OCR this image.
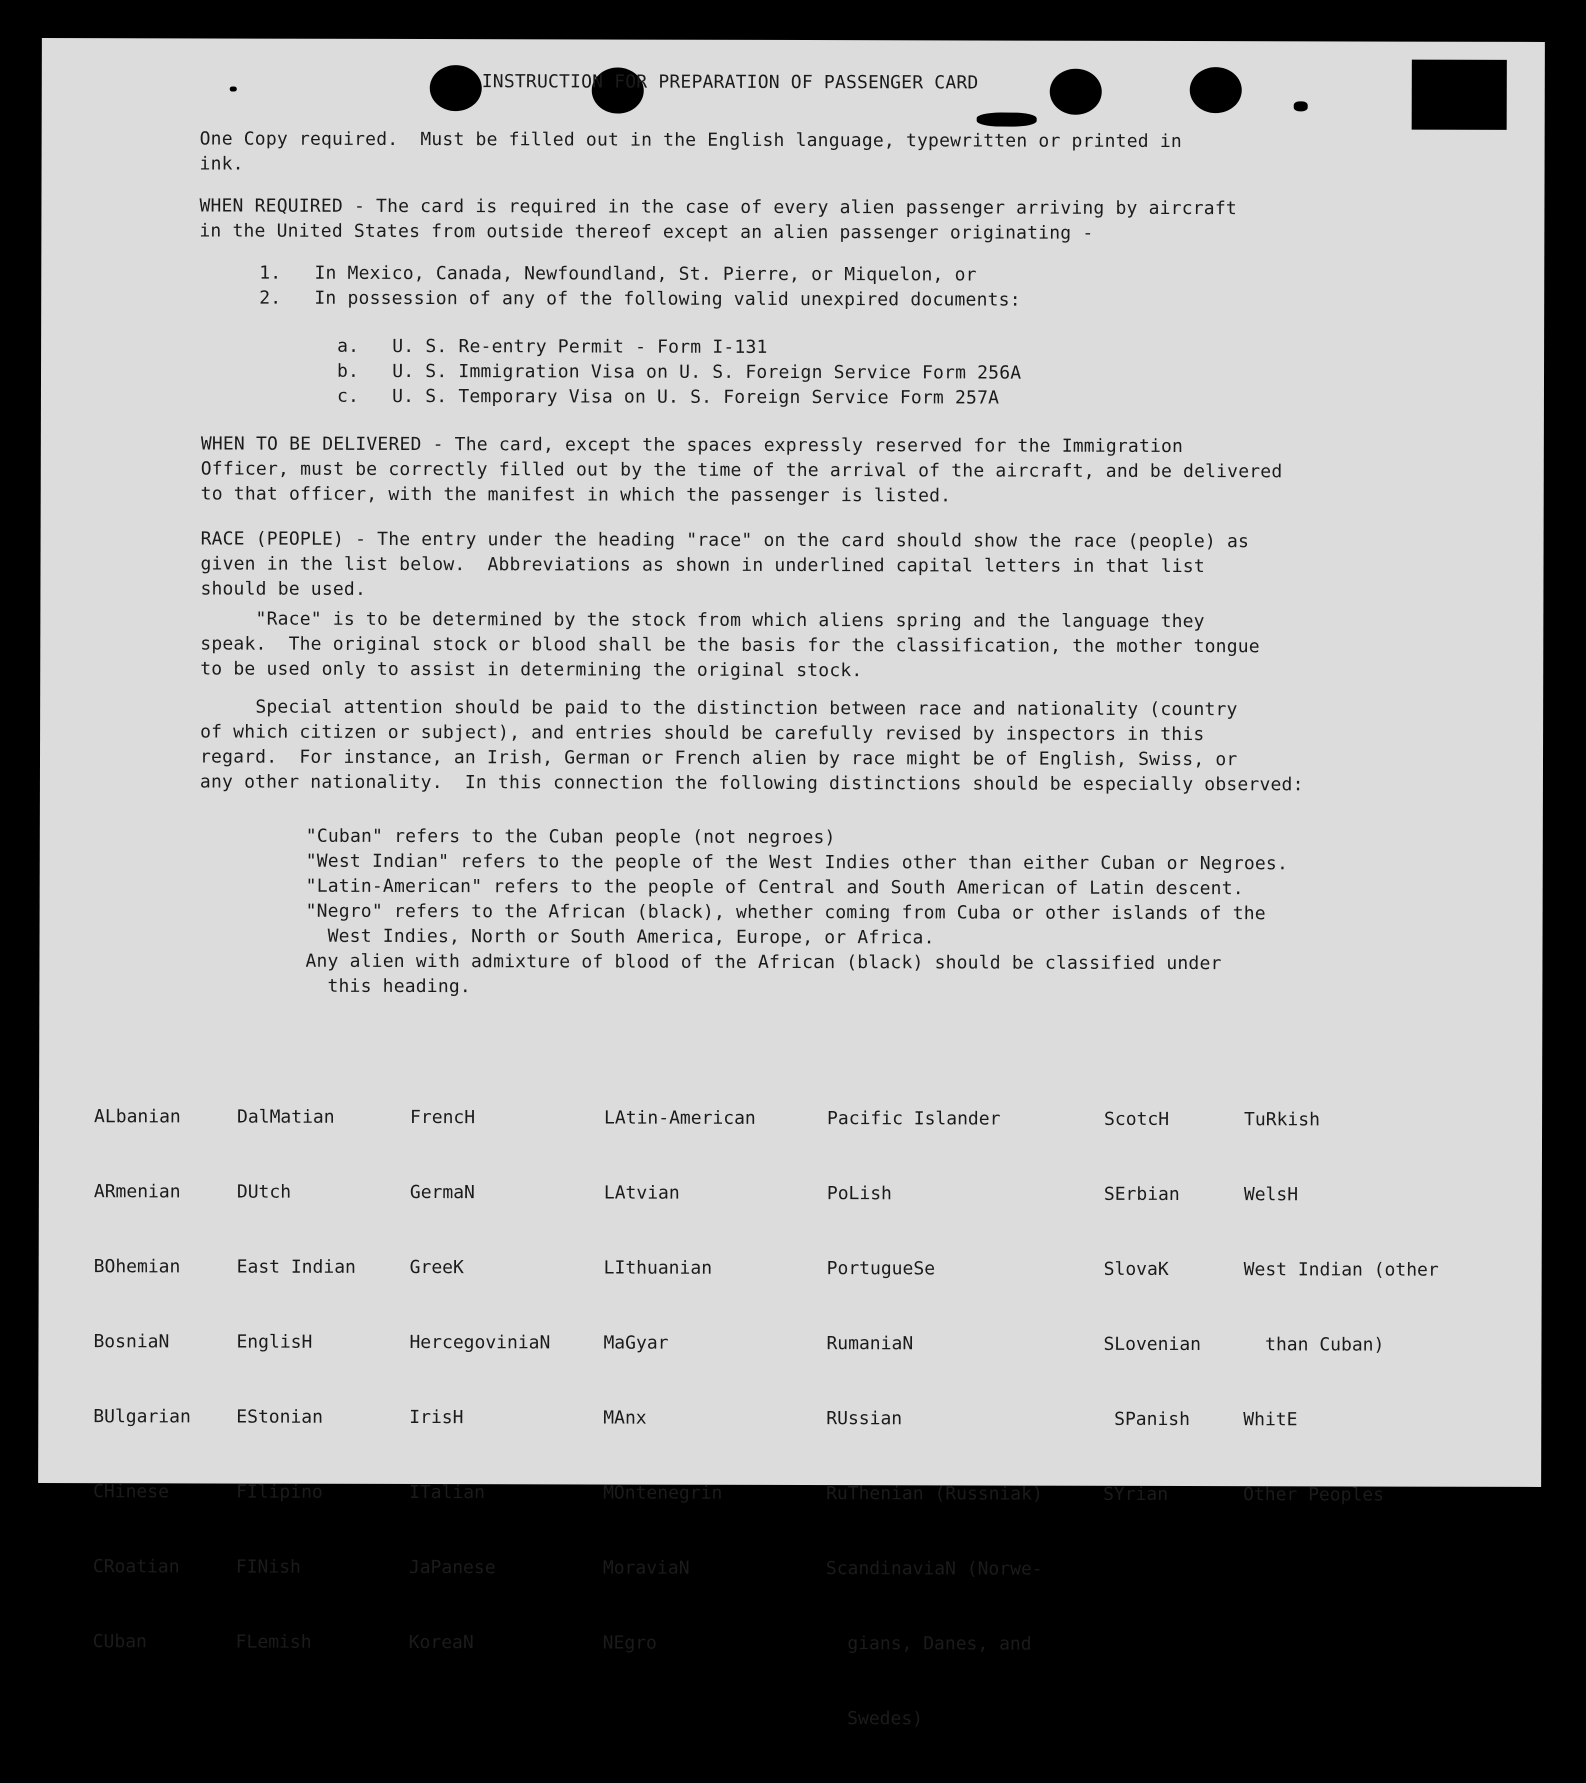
INSTRUCTION FOR PREPARATION OF PASSENGER CARD

One Copy required.  Must be filled out in the English language, typewritten or printed in
ink.

WHEN REQUIRED - The card is required in the case of every alien passenger arriving by aircraft
in the United States from outside thereof except an alien passenger originating -

1.   In Mexico, Canada, Newfoundland, St. Pierre, or Miquelon, or
2.   In possession of any of the following valid unexpired documents:

a.   U. S. Re-entry Permit - Form I-131
b.   U. S. Immigration Visa on U. S. Foreign Service Form 256A
c.   U. S. Temporary Visa on U. S. Foreign Service Form 257A

WHEN TO BE DELIVERED - The card, except the spaces expressly reserved for the Immigration
Officer, must be correctly filled out by the time of the arrival of the aircraft, and be delivered
to that officer, with the manifest in which the passenger is listed.

RACE (PEOPLE) - The entry under the heading "race" on the card should show the race (people) as
given in the list below.  Abbreviations as shown in underlined capital letters in that list
should be used.

"Race" is to be determined by the stock from which aliens spring and the language they
speak.  The original stock or blood shall be the basis for the classification, the mother tongue
to be used only to assist in determining the original stock.

Special attention should be paid to the distinction between race and nationality (country
of which citizen or subject), and entries should be carefully revised by inspectors in this
regard.  For instance, an Irish, German or French alien by race might be of English, Swiss, or
any other nationality.  In this connection the following distinctions should be especially observed:

"Cuban" refers to the Cuban people (not negroes)
"West Indian" refers to the people of the West Indies other than either Cuban or Negroes.
"Latin-American" refers to the people of Central and South American of Latin descent.
"Negro" refers to the African (black), whether coming from Cuba or other islands of the
West Indies, North or South America, Europe, or Africa.
Any alien with admixture of blood of the African (black) should be classified under
this heading.

ALbanian

ARmenian

BOhemian

BosniaN

BUlgarian

CHinese

CRoatian

CUban

DalMatian

DUtch

East Indian

EnglisH

EStonian

FIlipino

FINish

FLemish

FrencH

GermaN

GreeK

HercegoviniaN

IrisH

ITalian

JaPanese

KoreaN

LAtin-American

LAtvian

LIthuanian

MaGyar

MAnx

MOntenegrin

MoraviaN

NEgro

Pacific Islander

PoLish

PortugueSe

RumaniaN

RUssian

RuThenian (Russniak)

ScandinaviaN (Norwe-

gians, Danes, and

Swedes)

ScotcH

SErbian

SlovaK

SLovenian

SPanish

SYrian

TuRkish

WelsH

West Indian (other

than Cuban)

WhitE

Other Peoples
